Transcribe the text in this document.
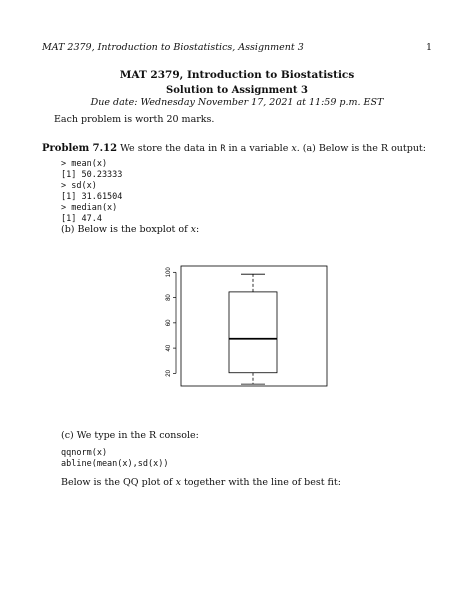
MAT 2379, Introduction to Biostatistics, Assignment 3	1
MAT 2379, Introduction to Biostatistics
Solution to Assignment 3
Due date: Wednesday November 17, 2021 at 11:59 p.m. EST
Each problem is worth 20 marks.
Problem 7.12 We store the data in R in a variable x. (a) Below is the R output:
> mean(x)
[1] 50.23333
> sd(x)
[1] 31.61504
> median(x)
[1] 47.4
(b) Below is the boxplot of x:
20
40
60
80
100
(c) We type in the R console:
qqnorm(x)
abline(mean(x),sd(x))
Below is the QQ plot of x together with the line of best fit:
